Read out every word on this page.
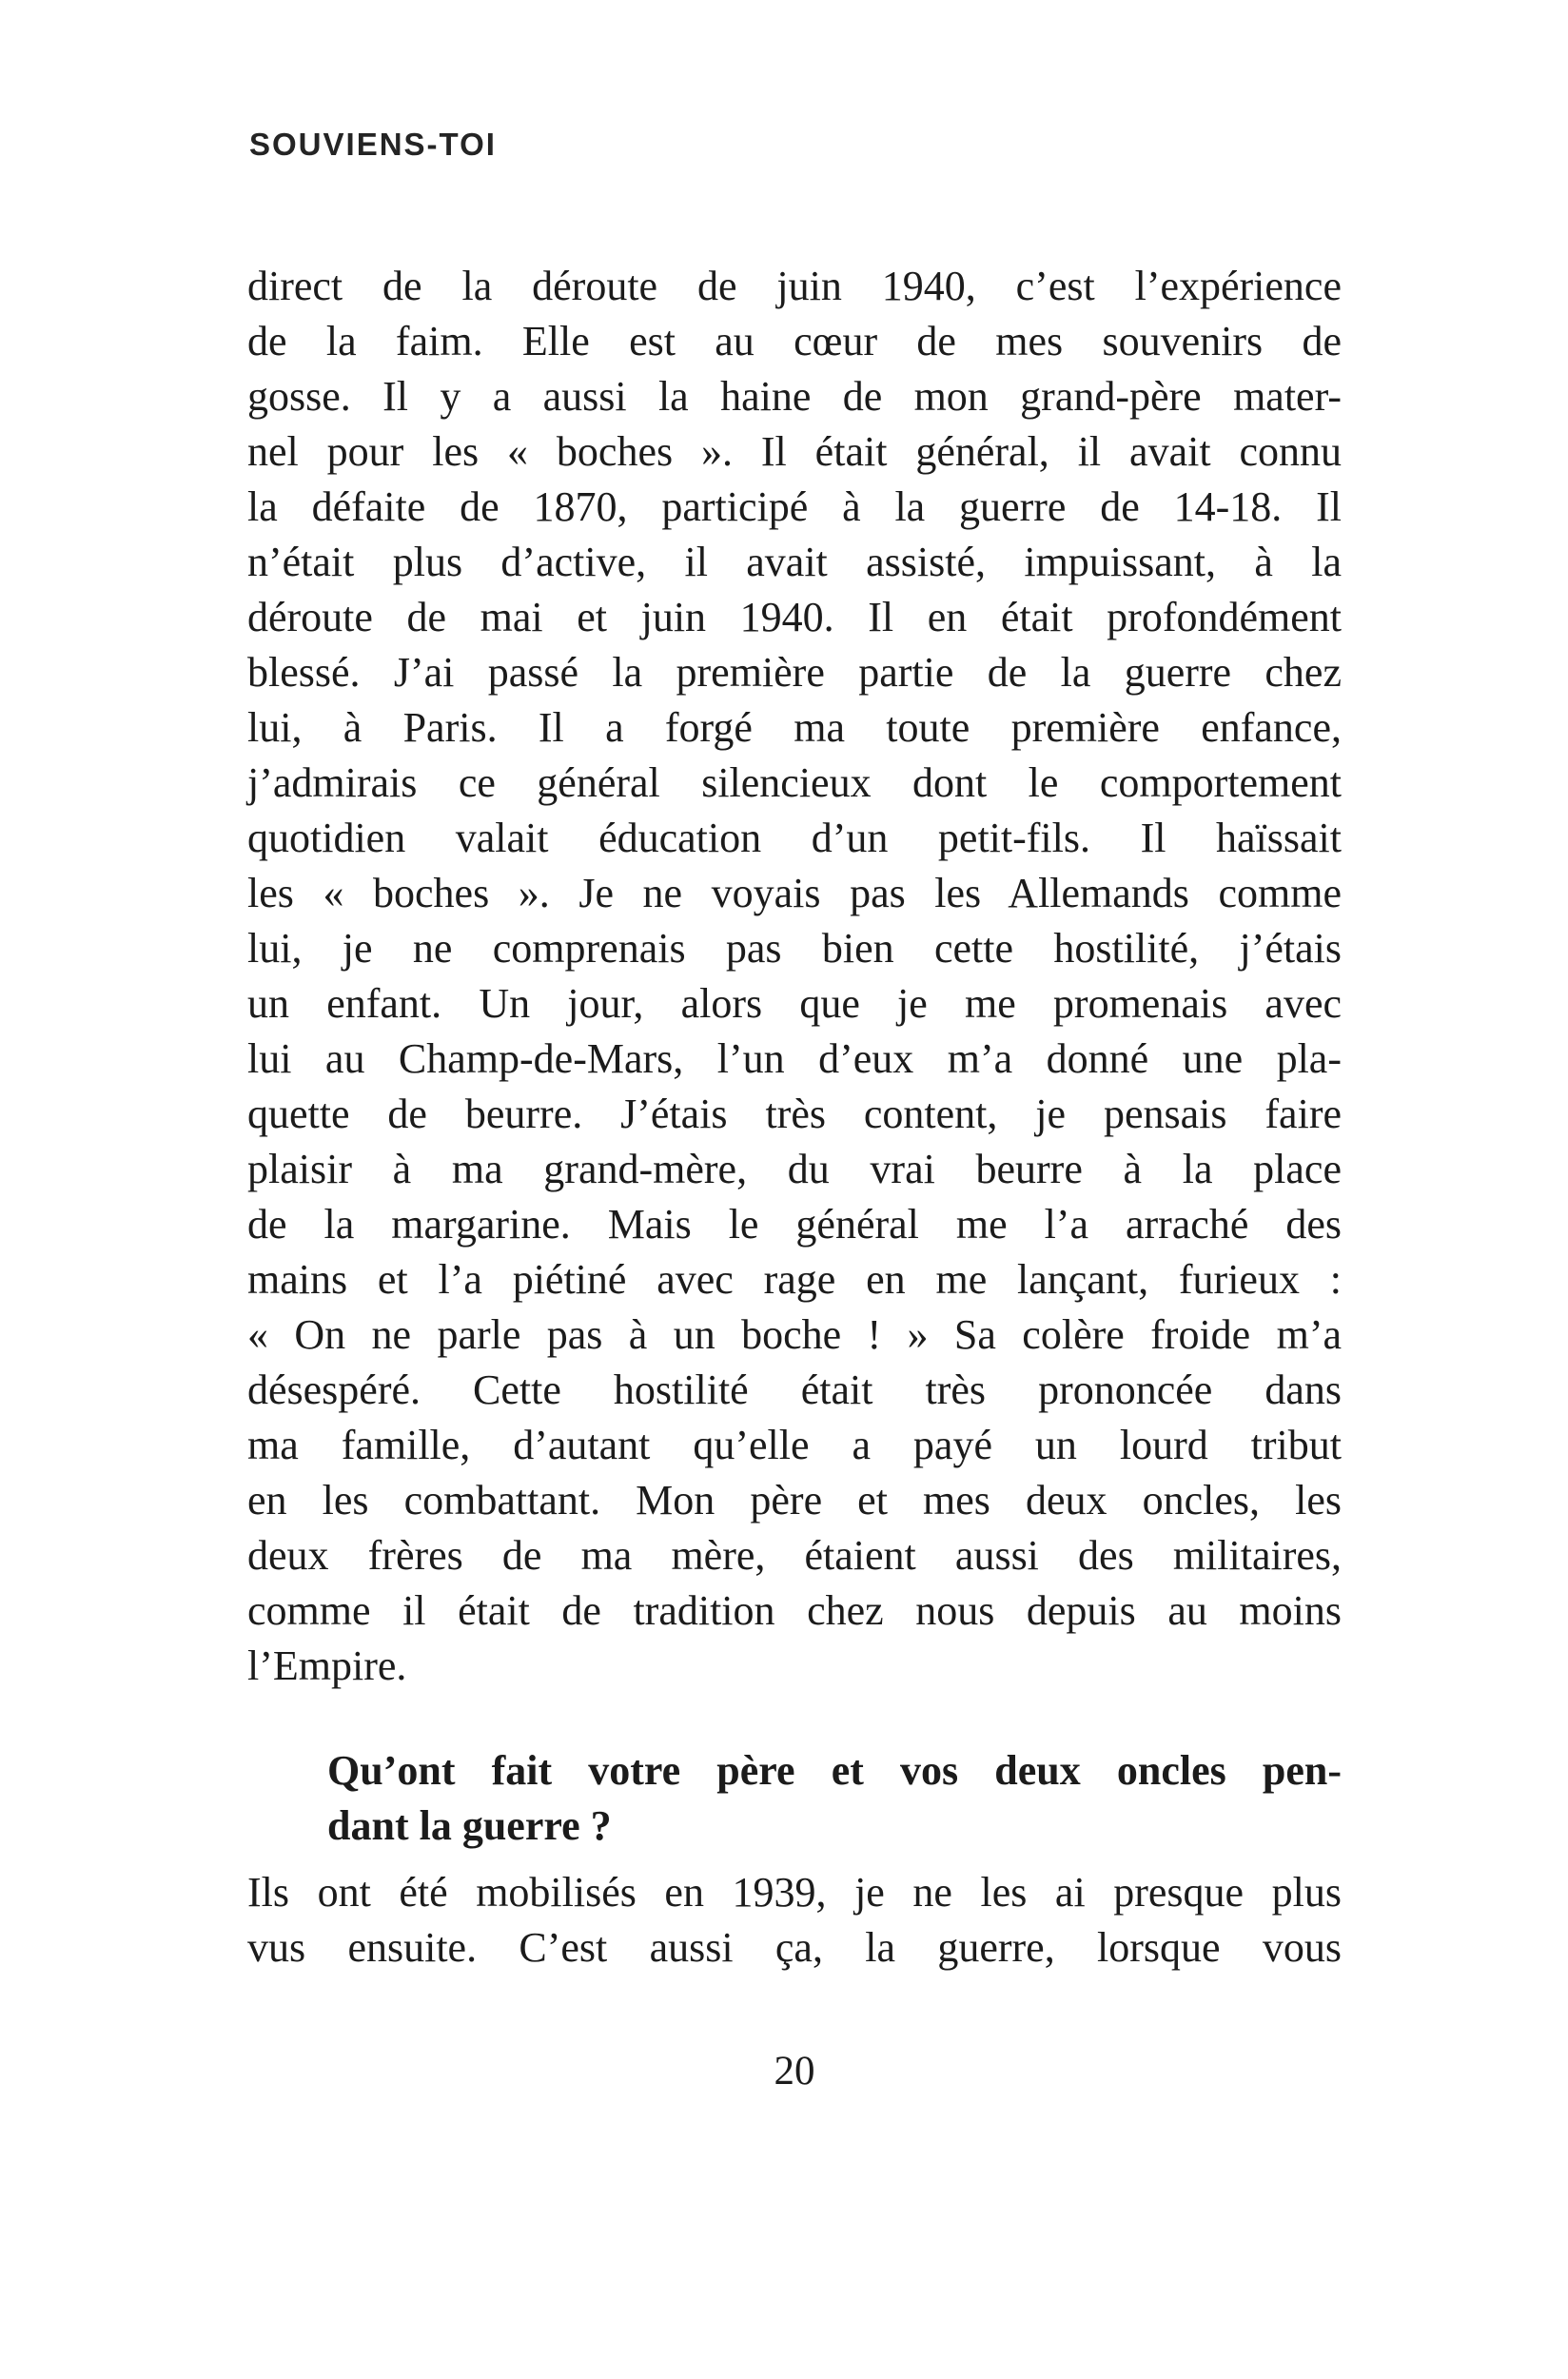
SOUVIENS-TOI

direct de la déroute de juin 1940, c’est l’expérience

de la faim. Elle est au cœur de mes souvenirs de

gosse. Il y a aussi la haine de mon grand-père mater-

nel pour les « boches ». Il était général, il avait connu

la défaite de 1870, participé à la guerre de 14-18. Il

n’était plus d’active, il avait assisté, impuissant, à la

déroute de mai et juin 1940. Il en était profondément

blessé. J’ai passé la première partie de la guerre chez

lui, à Paris. Il a forgé ma toute première enfance,

j’admirais ce général silencieux dont le comportement

quotidien valait éducation d’un petit-fils. Il haïssait

les « boches ». Je ne voyais pas les Allemands comme

lui, je ne comprenais pas bien cette hostilité, j’étais

un enfant. Un jour, alors que je me promenais avec

lui au Champ-de-Mars, l’un d’eux m’a donné une pla-

quette de beurre. J’étais très content, je pensais faire

plaisir à ma grand-mère, du vrai beurre à la place

de la margarine. Mais le général me l’a arraché des

mains et l’a piétiné avec rage en me lançant, furieux :

« On ne parle pas à un boche ! » Sa colère froide m’a

désespéré. Cette hostilité était très prononcée dans

ma famille, d’autant qu’elle a payé un lourd tribut

en les combattant. Mon père et mes deux oncles, les

deux frères de ma mère, étaient aussi des militaires,

comme il était de tradition chez nous depuis au moins

l’Empire.

Qu’ont fait votre père et vos deux oncles pen-

dant la guerre ?

Ils ont été mobilisés en 1939, je ne les ai presque plus

vus ensuite. C’est aussi ça, la guerre, lorsque vous

20
